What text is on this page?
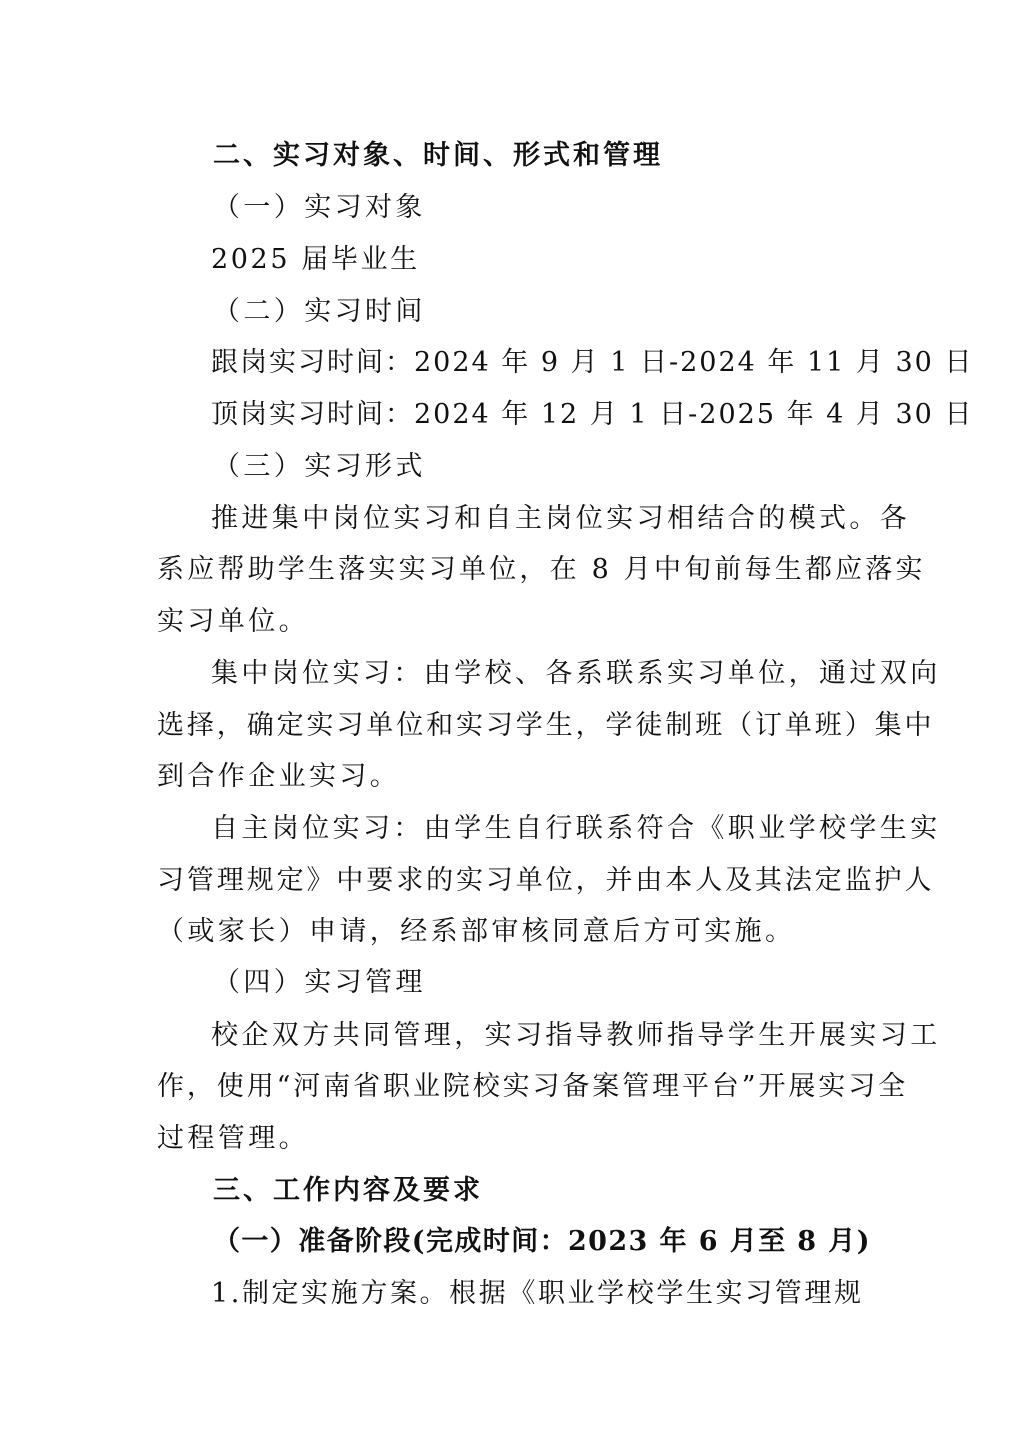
二、实习对象、时间、形式和管理

（一）实习对象

2025 届毕业生

（二）实习时间

跟岗实习时间：2024 年 9 月 1 日-2024 年 11 月 30 日

顶岗实习时间：2024 年 12 月 1 日-2025 年 4 月 30 日

（三）实习形式

推进集中岗位实习和自主岗位实习相结合的模式。各

系应帮助学生落实实习单位，在 8 月中旬前每生都应落实

实习单位。

集中岗位实习：由学校、各系联系实习单位，通过双向

选择，确定实习单位和实习学生，学徒制班（订单班）集中

到合作企业实习。

自主岗位实习：由学生自行联系符合《职业学校学生实

习管理规定》中要求的实习单位，并由本人及其法定监护人

（或家长）申请，经系部审核同意后方可实施。

（四）实习管理

校企双方共同管理，实习指导教师指导学生开展实习工

作，使用“河南省职业院校实习备案管理平台”开展实习全

过程管理。

三、工作内容及要求

（一）准备阶段(完成时间：2023 年 6 月至 8 月)

1.制定实施方案。根据《职业学校学生实习管理规
